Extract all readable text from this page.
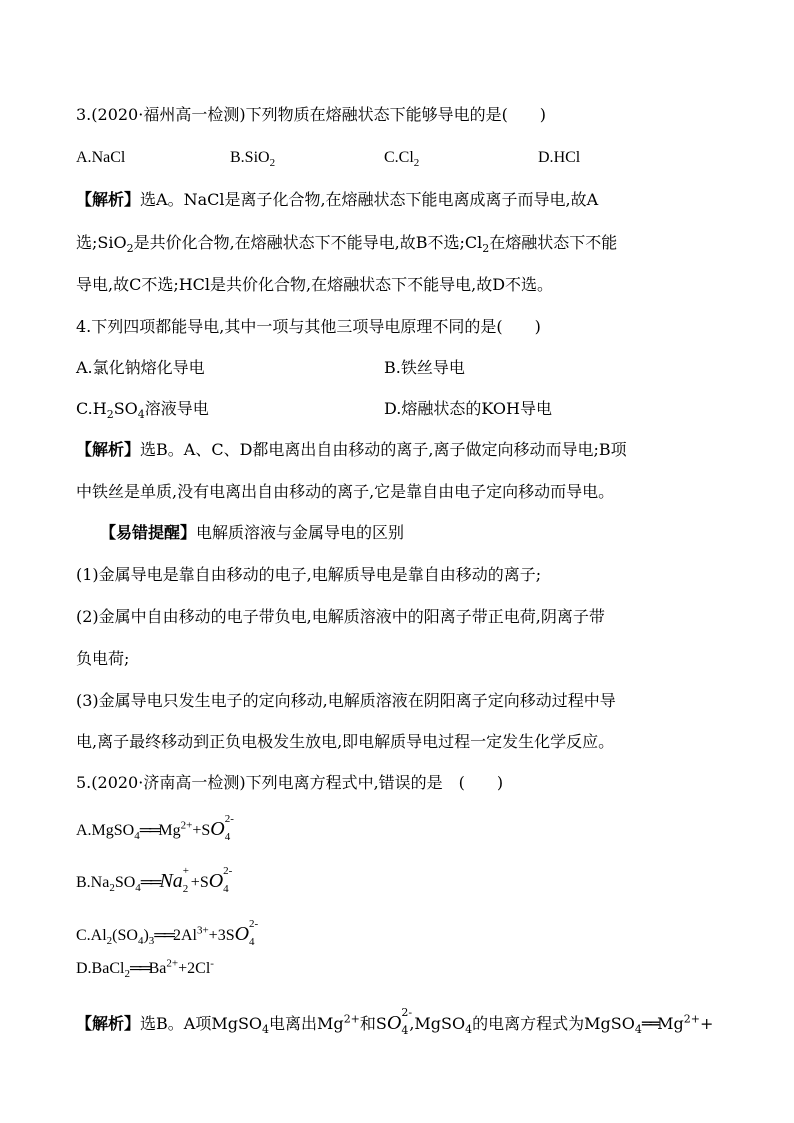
3.(2020·福州高一检测)下列物质在熔融状态下能够导电的是(　　)
A.NaCl	B.SiO$_2$	$C.Cl_2$	D.HCl
【解析】选A。NaCl是离子化合物,在熔融状态下能电离成离子而导电,故A
选;SiO$_2$是共价化合物,在熔融状态下不能导电,故B不选$;Cl_2$在熔融状态下不能
导电,故C不选;HCl是共价化合物,在熔融状态下不能导电,故D不选。
4.下列四项都能导电,其中一项与其他三项导电原理不同的是(　　)
A.氯化钠熔化导电	B.铁丝导电
$C.H_2SO_4$溶液导电	D.熔融状态的KOH导电
【解析】选B。A、C、D都电离出自由移动的离子,离子做定向移动而导电;B项
中铁丝是单质,没有电离出自由移动的离子,它是靠自由电子定向移动而导电。
【易错提醒】电解质溶液与金属导电的区别
(1)金属导电是靠自由移动的电子,电解质导电是靠自由移动的离子;
(2)金属中自由移动的电子带负电,电解质溶液中的阳离子带正电荷,阴离子带
负电荷;
(3)金属导电只发生电子的定向移动,电解质溶液在阴阳离子定向移动过程中导
电,离子最终移动到正负电极发生放电,即电解质导电过程一定发生化学反应。
5.(2020·济南高一检测)下列电离方程式中,错误的是　(　　)
$A.MgSO_4══Mg^{2+}+SO$ 2-
4
$B.Na_2SO_4══Na$ +
2 +SO 2-
4
$C.Al_2(SO_4)_3══2Al^{3+}+3SO$ 2-
4
$D.BaCl_2══Ba^{2+}+2Cl^-$
【解析】选B。A项MgSO$_4$电离出$Mg^{2+}$和SO 2-
4 ,MgSO$_4$的电离方程式为$MgSO_4══Mg^{2+}+$
